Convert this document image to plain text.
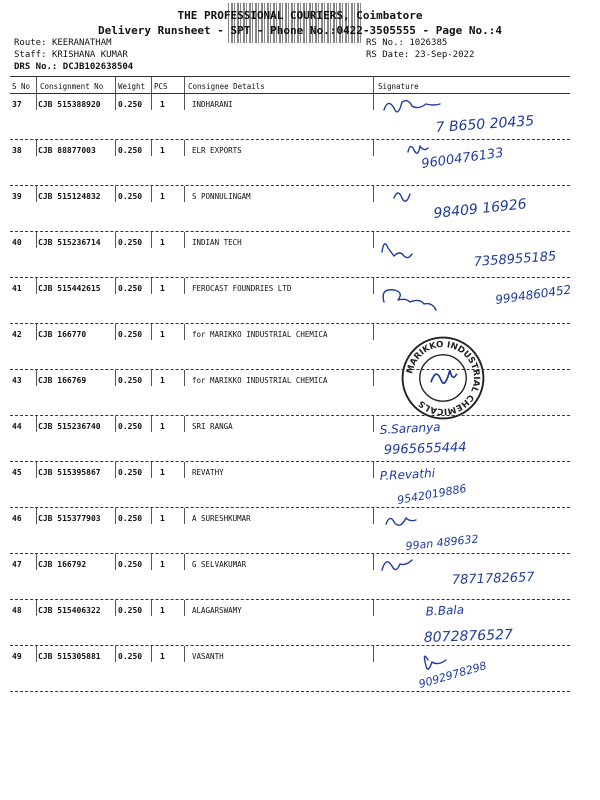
THE PROFESSIONAL COURIERS, Coimbatore
Delivery Runsheet - SPT - Phone No.:0422-3505555 - Page No.:4
Route: KEERANATHAM
Staff: KRISHANA KUMAR
DRS No.: DCJB102638504
RS No.: 1026385
RS Date: 23-Sep-2022
S No Consignment No Weight PCS	Consignee Details	Signature
37 CJB 515388920 0.250 1	INDHARANI
7 B650 20435
38 CJB 88877003	0.250 1	ELR EXPORTS	9600476133
39 CJB 515124832 0.250 1	S PONNULINGAM	98409 16926
40 CJB 515236714 0.250 1	INDIAN TECH
7358955185
41 CJB 515442615 0.250 1	FEROCAST FOUNDRIES LTD	9994860452
42 CJB 166770	0.250 1	for MARIKKO INDUSTRIAL CHEMICA
43 CJB 166769	0.250 1	for MARIKKO INDUSTRIAL CHEMICA
44 CJB 515236740 0.250 1	SRI RANGA	S.Saranya
9965655444
45 CJB 515395867 0.250 1	REVATHY	P.Revathi
9542019886
46 CJB 515377903 0.250 1	A SURESHKUMAR
99an 489632
47 CJB 166792	0.250 1	G SELVAKUMAR
7871782657
48 CJB 515406322 0.250 1	ALAGARSWAMY	B.Bala
8072876527
49 CJB 515305881 0.250 1	VASANTH
9092978298
MARIKKO INDUSTRIAL CHEMICALS
